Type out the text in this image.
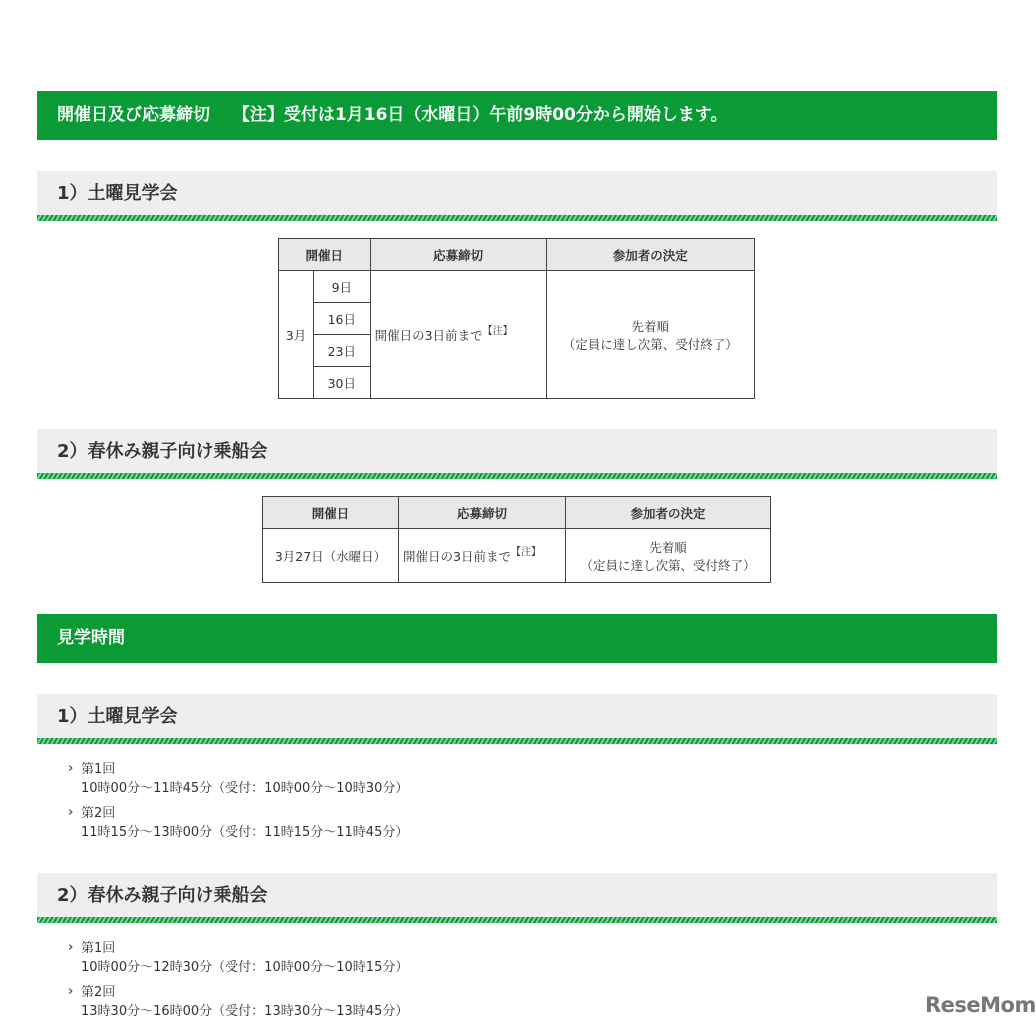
開催日及び応募締切　 【注】受付は1月16日（水曜日）午前9時00分から開始します。
1）土曜見学会
開催日		応募締切	参加者の決定
3月	9日	開催日の3日前まで$^{【注】}$	先着順
（定員に達し次第、受付終了）

	16日		
	23日		
	30日		
2）春休み親子向け乗船会
開催日	応募締切	参加者の決定
3月27日（水曜日）	開催日の3日前まで$^{【注】}$	先着順
（定員に達し次第、受付終了）
見学時間
1）土曜見学会
› 第1回
10時00分～11時45分（受付：10時00分～10時30分）
› 第2回
11時15分～13時00分（受付：11時15分～11時45分）
2）春休み親子向け乗船会
› 第1回
10時00分～12時30分（受付：10時00分～10時15分）
› 第2回
13時30分～16時00分（受付：13時30分～13時45分）	ReseMom
